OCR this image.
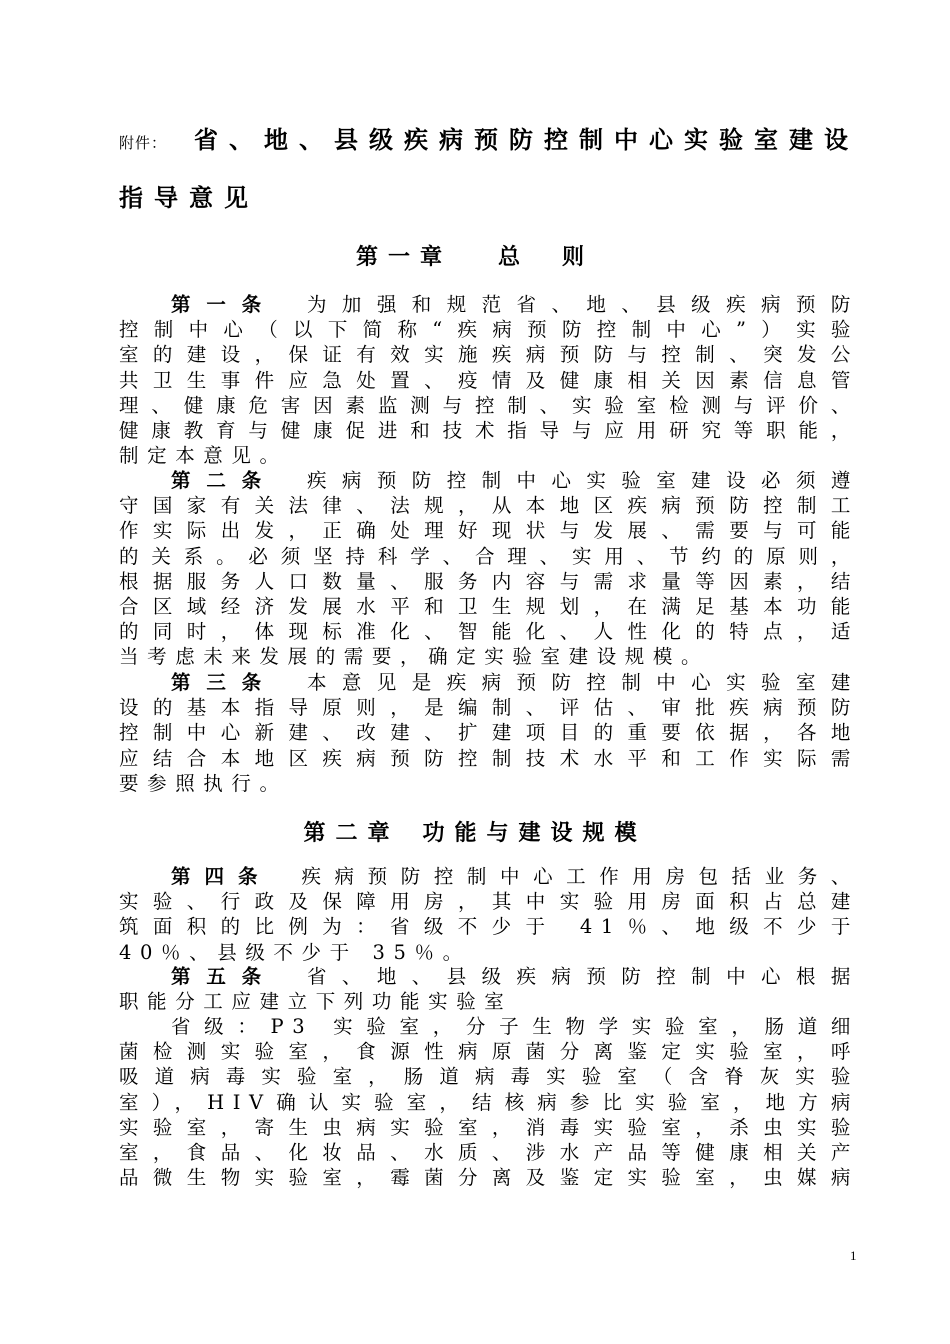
附件：	省、地、县级疾病预防控制中心实验室建设
指导意见
第一章 总　则
第一条 为加强和规范省、地、县级疾病预防
控制中心（以下简称“疾病预防控制中心”）实验
室的建设，保证有效实施疾病预防与控制、突发公
共卫生事件应急处置、疫情及健康相关因素信息管
理、健康危害因素监测与控制、实验室检测与评价、
健康教育与健康促进和技术指导与应用研究等职能，
制定本意见。
第二条 疾病预防控制中心实验室建设必须遵
守国家有关法律、法规，从本地区疾病预防控制工
作实际出发，正确处理好现状与发展、需要与可能
的关系。必须坚持科学、合理、实用、节约的原则，
根据服务人口数量、服务内容与需求量等因素，结
合区域经济发展水平和卫生规划，在满足基本功能
的同时，体现标准化、智能化、人性化的特点，适
当考虑未来发展的需要，确定实验室建设规模。
第三条 本意见是疾病预防控制中心实验室建
设的基本指导原则，是编制、评估、审批疾病预防
控制中心新建、改建、扩建项目的重要依据，各地
应结合本地区疾病预防控制技术水平和工作实际需
要参照执行。
第二章 功能与建设规模
第四条 疾病预防控制中心工作用房包括业务、
实验、行政及保障用房，其中实验用房面积占总建
筑面积的比例为：省级不少于 41％、地级不少于
40％、县级不少于 35％。
第五条 省、地、县级疾病预防控制中心根据
职能分工应建立下列功能实验室
省级：P3 实验室，分子生物学实验室，肠道细
菌检测实验室，食源性病原菌分离鉴定实验室，呼
吸道病毒实验室，肠道病毒实验室（含脊灰实验
室），HIV确认实验室，结核病参比实验室，地方病
实验室，寄生虫病实验室，消毒实验室，杀虫实验
室，食品、化妆品、水质、涉水产品等健康相关产
品微生物实验室，霉菌分离及鉴定实验室，虫媒病
1
